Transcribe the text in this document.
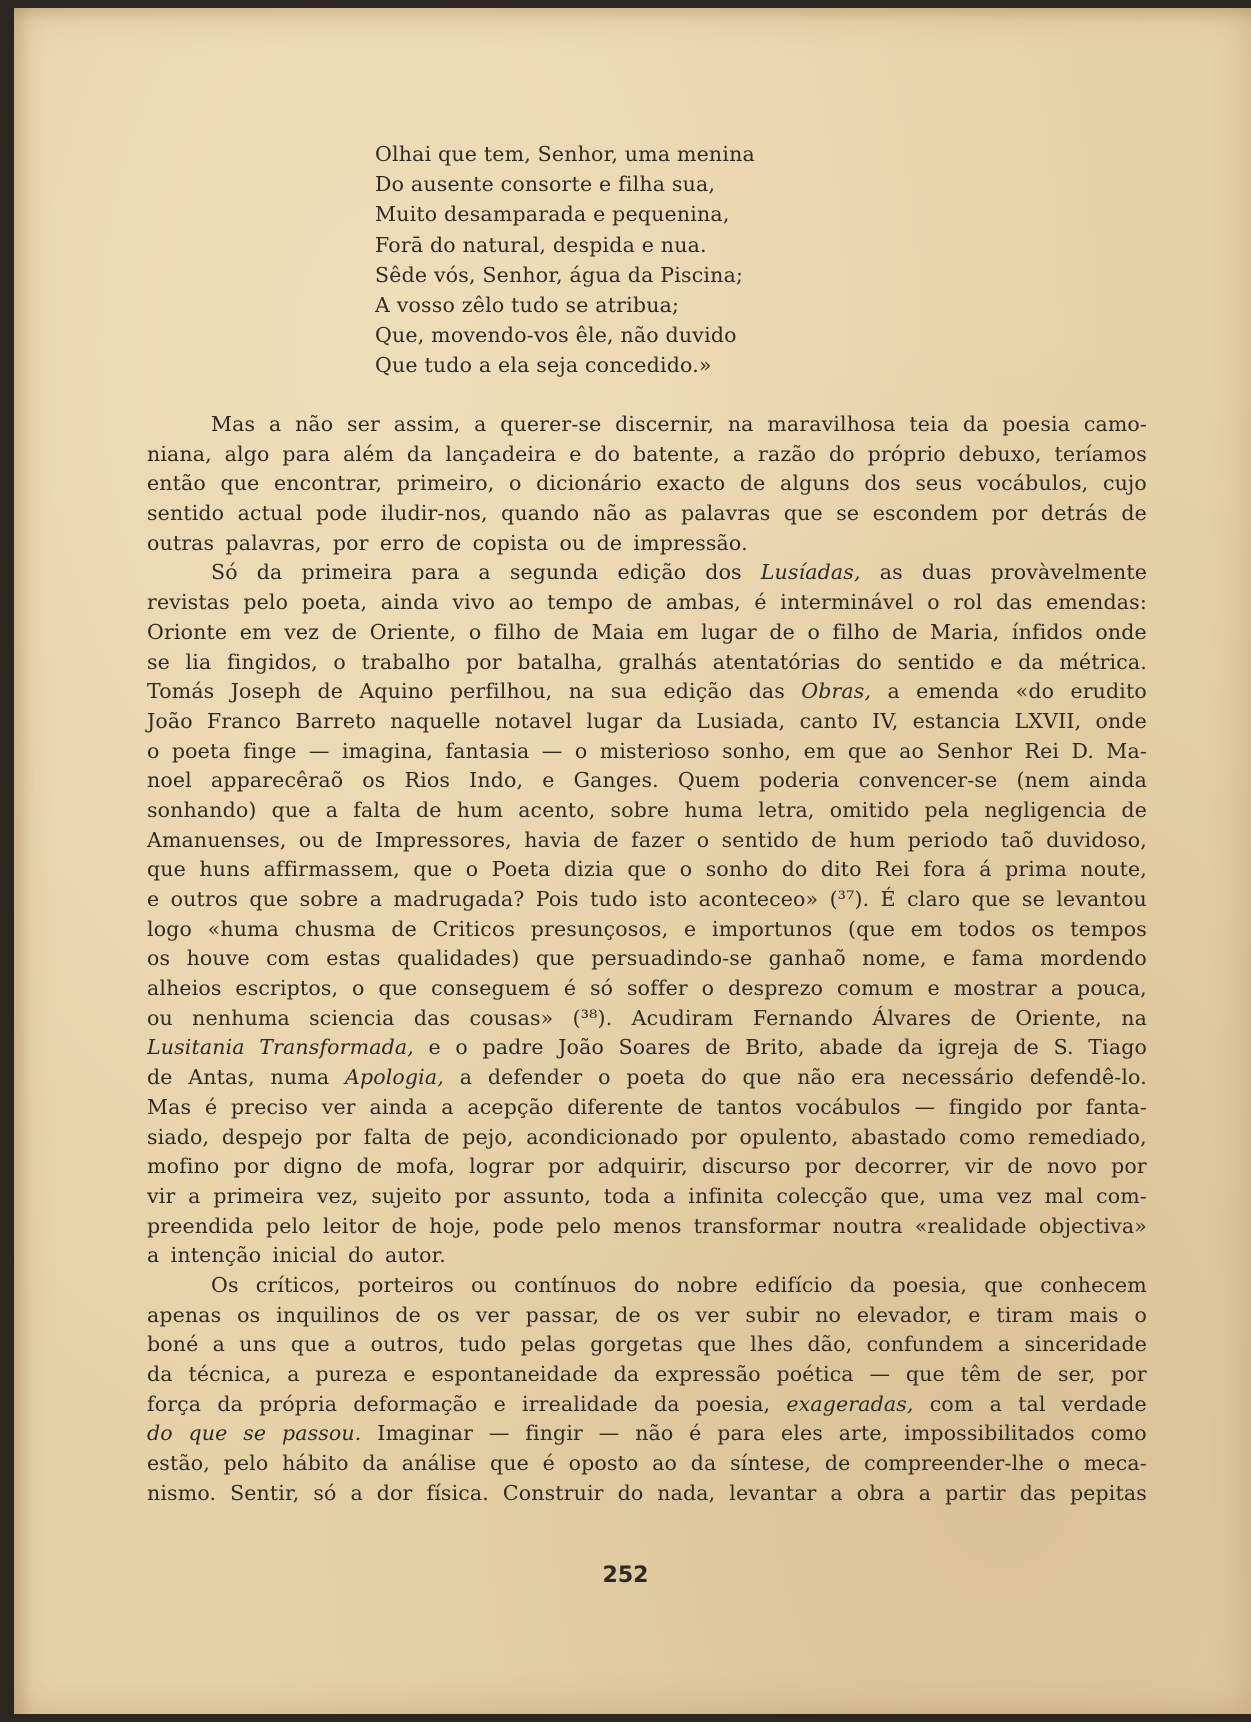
Olhai que tem, Senhor, uma menina
Do ausente consorte e filha sua,
Muito desamparada e pequenina,
Forā do natural, despida e nua.
Sêde vós, Senhor, água da Piscina;
A vosso zêlo tudo se atribua;
Que, movendo-vos êle, não duvido
Que tudo a ela seja concedido.»
Mas a não ser assim, a querer-se discernir, na maravilhosa teia da poesia camo-
niana, algo para além da lançadeira e do batente, a razão do próprio debuxo, teríamos
então que encontrar, primeiro, o dicionário exacto de alguns dos seus vocábulos, cujo
sentido actual pode iludir-nos, quando não as palavras que se escondem por detrás de
outras palavras, por erro de copista ou de impressão.
Só da primeira para a segunda edição dos Lusíadas, as duas provàvelmente
revistas pelo poeta, ainda vivo ao tempo de ambas, é interminável o rol das emendas:
Orionte em vez de Oriente, o filho de Maia em lugar de o filho de Maria, ínfidos onde
se lia fingidos, o trabalho por batalha, gralhás atentatórias do sentido e da métrica.
Tomás Joseph de Aquino perfilhou, na sua edição das Obras, a emenda «do erudito
João Franco Barreto naquelle notavel lugar da Lusiada, canto IV, estancia LXVII, onde
o poeta finge — imagina, fantasia — o misterioso sonho, em que ao Senhor Rei D. Ma-
noel apparecêraõ os Rios Indo, e Ganges. Quem poderia convencer-se (nem ainda
sonhando) que a falta de hum acento, sobre huma letra, omitido pela negligencia de
Amanuenses, ou de Impressores, havia de fazer o sentido de hum periodo taõ duvidoso,
que huns affirmassem, que o Poeta dizia que o sonho do dito Rei fora á prima noute,
e outros que sobre a madrugada? Pois tudo isto aconteceo» (³⁷). É claro que se levantou
logo «huma chusma de Criticos presunçosos, e importunos (que em todos os tempos
os houve com estas qualidades) que persuadindo-se ganhaõ nome, e fama mordendo
alheios escriptos, o que conseguem é só soffer o desprezo comum e mostrar a pouca,
ou nenhuma sciencia das cousas» (³⁸). Acudiram Fernando Álvares de Oriente, na
Lusitania Transformada, e o padre João Soares de Brito, abade da igreja de S. Tiago
de Antas, numa Apologia, a defender o poeta do que não era necessário defendê-lo.
Mas é preciso ver ainda a acepção diferente de tantos vocábulos — fingido por fanta-
siado, despejo por falta de pejo, acondicionado por opulento, abastado como remediado,
mofino por digno de mofa, lograr por adquirir, discurso por decorrer, vir de novo por
vir a primeira vez, sujeito por assunto, toda a infinita colecção que, uma vez mal com-
preendida pelo leitor de hoje, pode pelo menos transformar noutra «realidade objectiva»
a intenção inicial do autor.
Os críticos, porteiros ou contínuos do nobre edifício da poesia, que conhecem
apenas os inquilinos de os ver passar, de os ver subir no elevador, e tiram mais o
boné a uns que a outros, tudo pelas gorgetas que lhes dão, confundem a sinceridade
da técnica, a pureza e espontaneidade da expressão poética — que têm de ser, por
força da própria deformação e irrealidade da poesia, exageradas, com a tal verdade
do que se passou. Imaginar — fingir — não é para eles arte, impossibilitados como
estão, pelo hábito da análise que é oposto ao da síntese, de compreender-lhe o meca-
nismo. Sentir, só a dor física. Construir do nada, levantar a obra a partir das pepitas
252
